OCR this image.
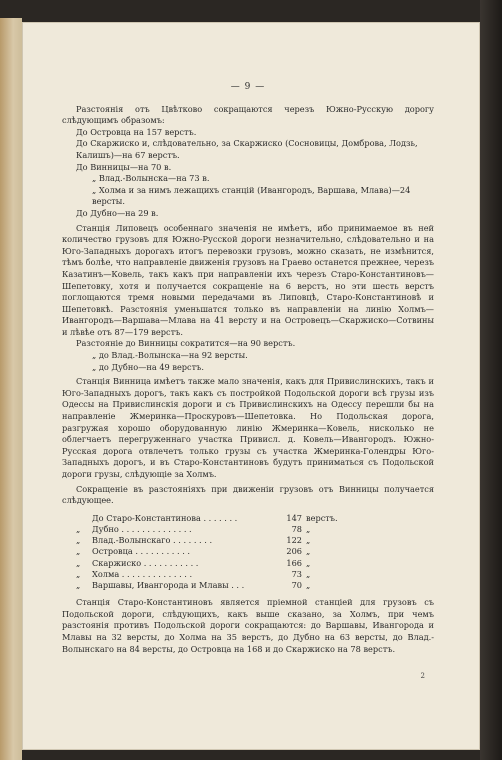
— 9 —

Разстоянія отъ Цвѣтково сокращаются черезъ Южно-Русскую дорогу слѣдующимъ образомъ:

До Островца на 157 верстъ.
До Скаржиско и, слѣдовательно, за Скаржиско (Сосновицы, Домброва, Лодзь, Калишъ)—на 67 верстъ.
До Винницы—на 70 в.
„ Влад.-Волынска—на 73 в.
„ Холма и за нимъ лежащихъ станцій (Ивангородъ, Варшава, Млава)—24 версты.
До Дубно—на 29 в.

Станція Липовецъ особеннаго значенія не имѣетъ, ибо принимаемое въ ней количество грузовъ для Южно-Русской дороги незначительно, слѣдовательно и на Юго-Западныхъ дорогахъ итогъ перевозки грузовъ, можно сказать, не измѣнится, тѣмъ болѣе, что направленіе движенія грузовъ на Граево останется прежнее, черезъ Казатинъ—Ковель, такъ какъ при направленіи ихъ черезъ Старо-Константиновъ—Шепетовку, хотя и получается сокращеніе на 6 верстъ, но эти шесть верстъ поглощаются тремя новыми передачами въ Липовцѣ, Старо-Константиновѣ и Шепетовкѣ. Разстоянія уменьшатся только въ направленіи на линію Холмъ—Ивангородъ—Варшава—Млава на 41 версту и на Островецъ—Скаржиско—Сотвины и лѣвѣе отъ 87—179 верстъ.

Разстояніе до Винницы сократится—на 90 верстъ.
„ до Влад.-Волынска—на 92 версты.
„ до Дубно—на 49 верстъ.

Станція Винница имѣетъ также мало значенія, какъ для Привислинскихъ, такъ и Юго-Западныхъ дорогъ, такъ какъ съ постройкой Подольской дороги всѣ грузы изъ Одессы на Привислинскія дороги и съ Привислинскихъ на Одессу перешли бы на направленіе Жмеринка—Проскуровъ—Шепетовка. Но Подольская дорога, разгружая хорошо оборудованную линію Жмеринка—Ковель, нисколько не облегчаетъ перегруженнаго участка Привисл. д. Ковель—Ивангородъ. Южно-Русская дорога отвлечетъ только грузы съ участка Жмеринка-Голендры Юго-Западныхъ дорогъ, и въ Старо-Константиновъ будутъ приниматься съ Подольской дороги грузы, слѣдующіе за Холмъ.

Сокращеніе въ разстояніяхъ при движеніи грузовъ отъ Винницы получается слѣдующее.

	До Старо-Константинова . . . . . . .	147	верстъ.
„	Дубно . . . . . . . . . . . . . .	78	„
„	Влад.-Волынскаго . . . . . . . .	122	„
„	Островца . . . . . . . . . . .	206	„
„	Скаржиско . . . . . . . . . . .	166	„
„	Холма . . . . . . . . . . . . . .	73	„
„	Варшавы, Ивангорода и Млавы . . .	70	„

Станція Старо-Константиновъ является пріемной станціей для грузовъ съ Подольской дороги, слѣдующихъ, какъ выше сказано, за Холмъ, при чемъ разстоянія противъ Подольской дороги сокращаются: до Варшавы, Ивангорода и Млавы на 32 версты, до Холма на 35 верстъ, до Дубно на 63 версты, до Влад.-Волынскаго на 84 версты, до Островца на 168 и до Скаржиско на 78 верстъ.

2
